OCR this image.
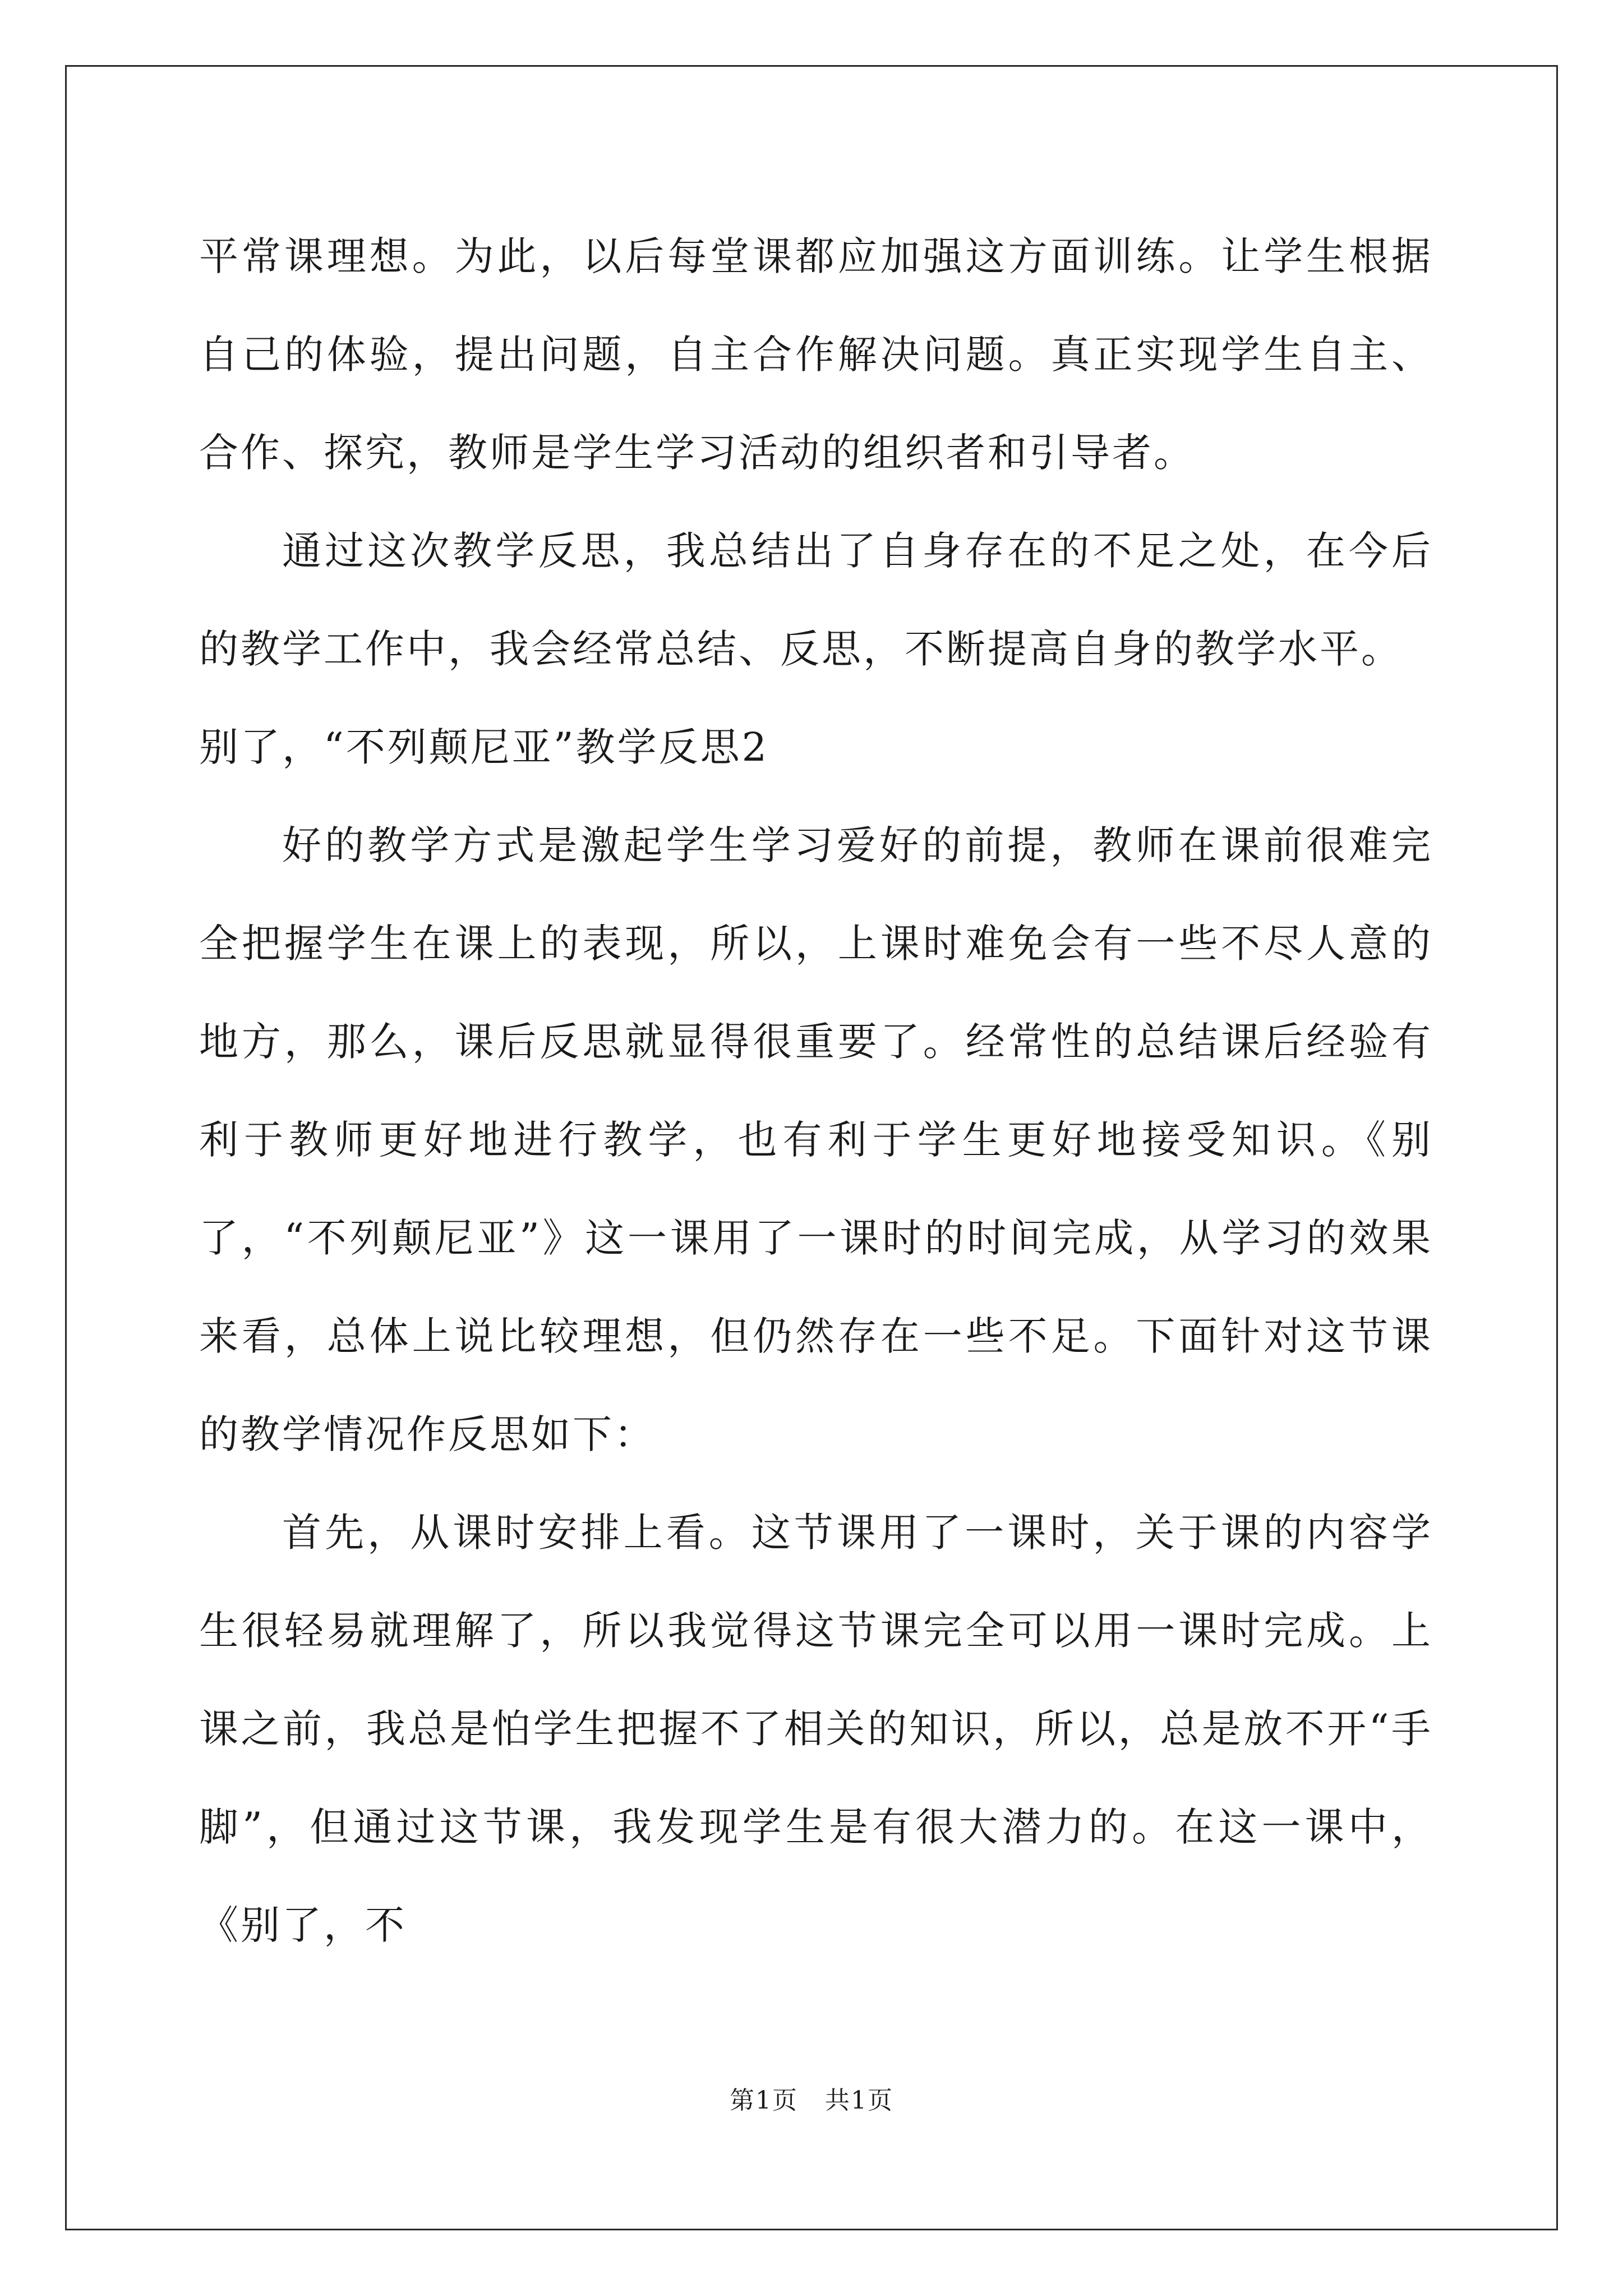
平常课理想。为此，以后每堂课都应加强这方面训练。让学生根据自己的体验，提出问题，自主合作解决问题。真正实现学生自主、合作、探究，教师是学生学习活动的组织者和引导者。

通过这次教学反思，我总结出了自身存在的不足之处，在今后的教学工作中，我会经常总结、反思，不断提高自身的教学水平。

别了，“不列颠尼亚”教学反思2

好的教学方式是激起学生学习爱好的前提，教师在课前很难完全把握学生在课上的表现，所以，上课时难免会有一些不尽人意的地方，那么，课后反思就显得很重要了。经常性的总结课后经验有利于教师更好地进行教学，也有利于学生更好地接受知识。《别了，“不列颠尼亚”》这一课用了一课时的时间完成，从学习的效果来看，总体上说比较理想，但仍然存在一些不足。下面针对这节课的教学情况作反思如下：

首先，从课时安排上看。这节课用了一课时，关于课的内容学生很轻易就理解了，所以我觉得这节课完全可以用一课时完成。上课之前，我总是怕学生把握不了相关的知识，所以，总是放不开“手脚”，但通过这节课，我发现学生是有很大潜力的。在这一课中，《别了，不

第1页 共1页
